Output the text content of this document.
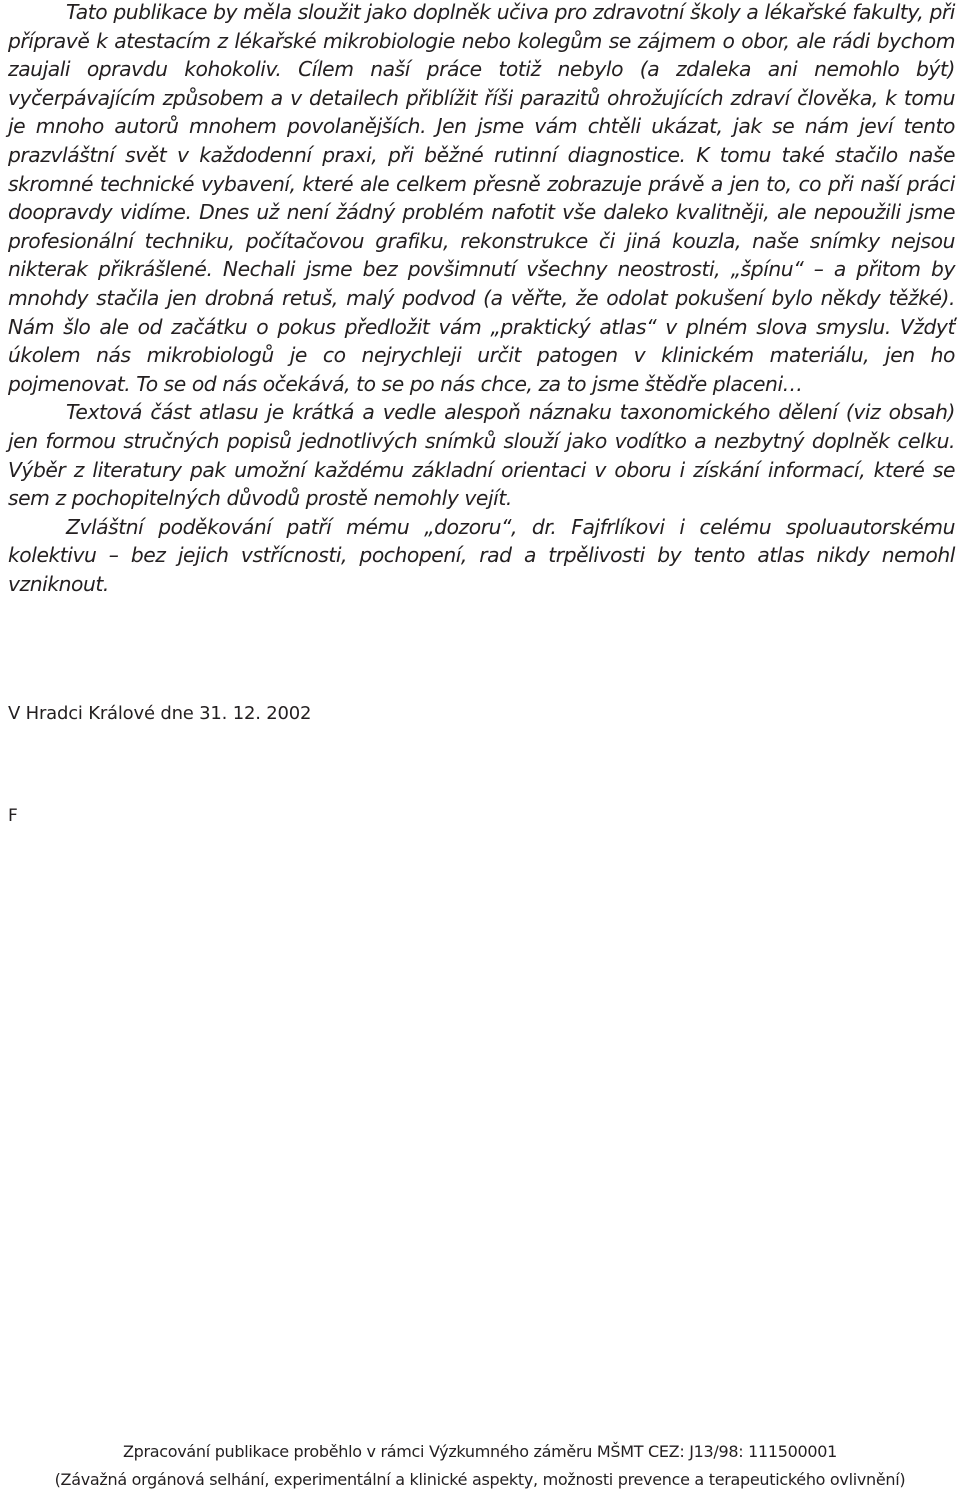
Tato publikace by měla sloužit jako doplněk učiva pro zdravotní školy a lékařské fakulty, při přípravě k atestacím z lékařské mikrobiologie nebo kolegům se zájmem o obor, ale rádi bychom zaujali opravdu kohokoliv. Cílem naší práce totiž nebylo (a zdaleka ani nemohlo být) vyčerpávajícím způsobem a v detailech přiblížit říši parazitů ohrožujících zdraví člověka, k tomu je mnoho autorů mnohem povolanějších. Jen jsme vám chtěli ukázat, jak se nám jeví tento prazvláštní svět v každodenní praxi, při běžné rutinní diagnostice. K tomu také stačilo naše skromné technické vybavení, které ale celkem přesně zobrazuje právě a jen to, co při naší práci doopravdy vidíme. Dnes už není žádný problém nafotit vše daleko kvalitněji, ale nepoužili jsme profesionální techniku, počítačovou grafiku, rekonstrukce či jiná kouzla, naše snímky nejsou nikterak přikrášlené. Nechali jsme bez povšimnutí všechny neostrosti, „špínu“ – a přitom by mnohdy stačila jen drobná retuš, malý podvod (a věřte, že odolat pokušení bylo někdy těžké). Nám šlo ale od začátku o pokus předložit vám „praktický atlas“ v plném slova smyslu. Vždyť úkolem nás mikrobiologů je co nejrychleji určit patogen v klinickém materiálu, jen ho pojmenovat. To se od nás očekává, to se po nás chce, za to jsme štědře placeni…

Textová část atlasu je krátká a vedle alespoň náznaku taxonomického dělení (viz obsah) jen formou stručných popisů jednotlivých snímků slouží jako vodítko a nezbytný doplněk celku. Výběr z literatury pak umožní každému základní orientaci v oboru i získání informací, které se sem z pochopitelných důvodů prostě nemohly vejít.

Zvláštní poděkování patří mému „dozoru“, dr. Fajfrlíkovi i celému spoluautorskému kolektivu – bez jejich vstřícnosti, pochopení, rad a trpělivosti by tento atlas nikdy nemohl vzniknout.

V Hradci Králové dne 31. 12. 2002

F

Zpracování publikace proběhlo v rámci Výzkumného záměru MŠMT CEZ: J13/98: 111500001

(Závažná orgánová selhání, experimentální a klinické aspekty, možnosti prevence a terapeutického ovlivnění)
